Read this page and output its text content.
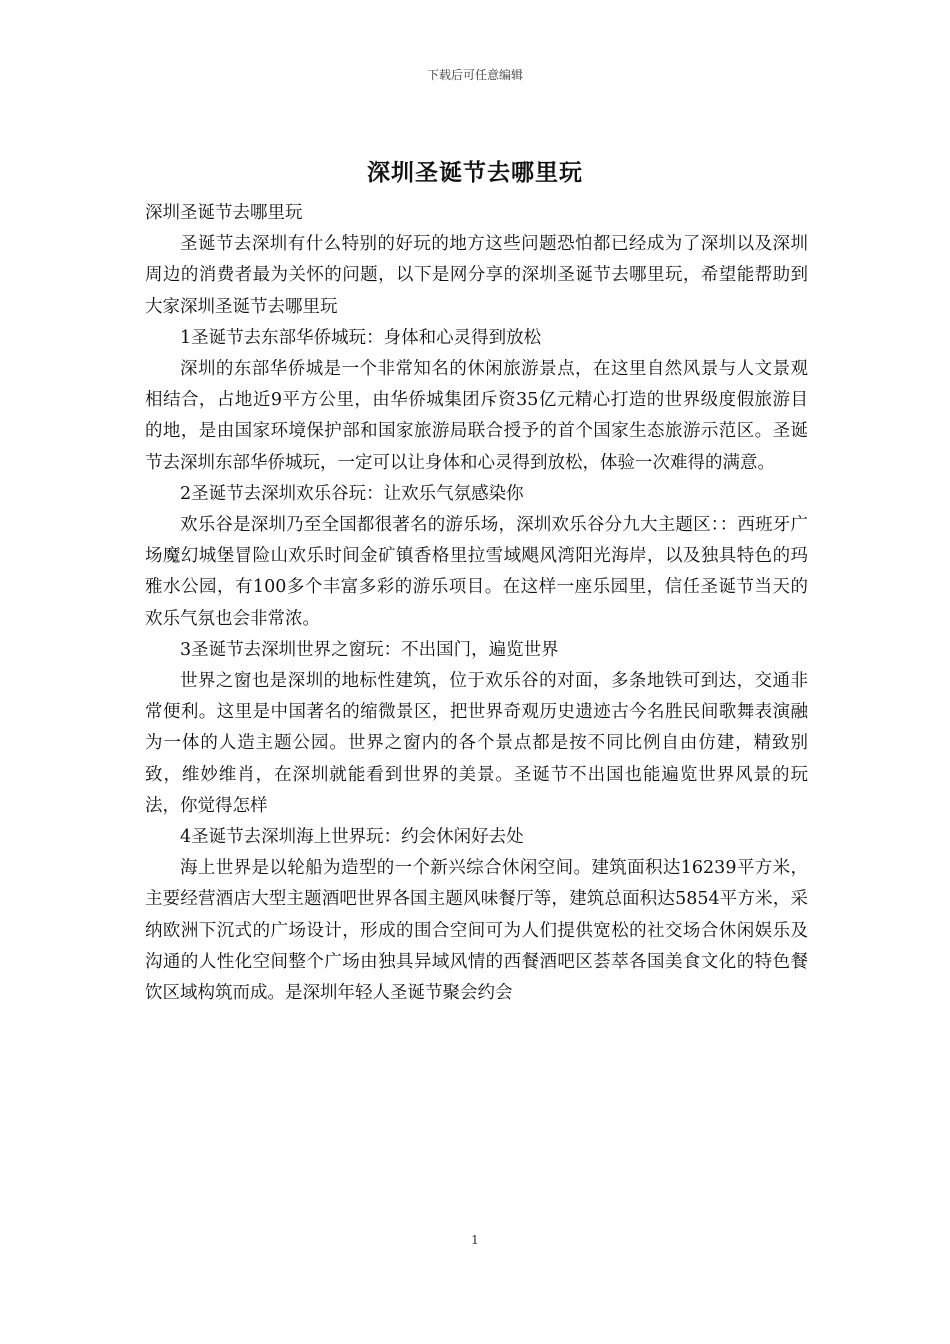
下载后可任意编辑
深圳圣诞节去哪里玩

深圳圣诞节去哪里玩

圣诞节去深圳有什么特别的好玩的地方这些问题恐怕都已经成为了深圳以及深圳周边的消费者最为关怀的问题，以下是网分享的深圳圣诞节去哪里玩，希望能帮助到大家深圳圣诞节去哪里玩

1圣诞节去东部华侨城玩：身体和心灵得到放松

深圳的东部华侨城是一个非常知名的休闲旅游景点，在这里自然风景与人文景观相结合，占地近9平方公里，由华侨城集团斥资35亿元精心打造的世界级度假旅游目的地，是由国家环境保护部和国家旅游局联合授予的首个国家生态旅游示范区。圣诞节去深圳东部华侨城玩，一定可以让身体和心灵得到放松，体验一次难得的满意。

2圣诞节去深圳欢乐谷玩：让欢乐气氛感染你

欢乐谷是深圳乃至全国都很著名的游乐场，深圳欢乐谷分九大主题区：：西班牙广场魔幻城堡冒险山欢乐时间金矿镇香格里拉雪域飓风湾阳光海岸，以及独具特色的玛雅水公园，有100多个丰富多彩的游乐项目。在这样一座乐园里，信任圣诞节当天的欢乐气氛也会非常浓。

3圣诞节去深圳世界之窗玩：不出国门，遍览世界

世界之窗也是深圳的地标性建筑，位于欢乐谷的对面，多条地铁可到达，交通非常便利。这里是中国著名的缩微景区，把世界奇观历史遗迹古今名胜民间歌舞表演融为一体的人造主题公园。世界之窗内的各个景点都是按不同比例自由仿建，精致别致，维妙维肖，在深圳就能看到世界的美景。圣诞节不出国也能遍览世界风景的玩法，你觉得怎样

4圣诞节去深圳海上世界玩：约会休闲好去处

海上世界是以轮船为造型的一个新兴综合休闲空间。建筑面积达16239平方米，主要经营酒店大型主题酒吧世界各国主题风味餐厅等，建筑总面积达5854平方米，采纳欧洲下沉式的广场设计，形成的围合空间可为人们提供宽松的社交场合休闲娱乐及沟通的人性化空间整个广场由独具异域风情的西餐酒吧区荟萃各国美食文化的特色餐饮区域构筑而成。是深圳年轻人圣诞节聚会约会

1
